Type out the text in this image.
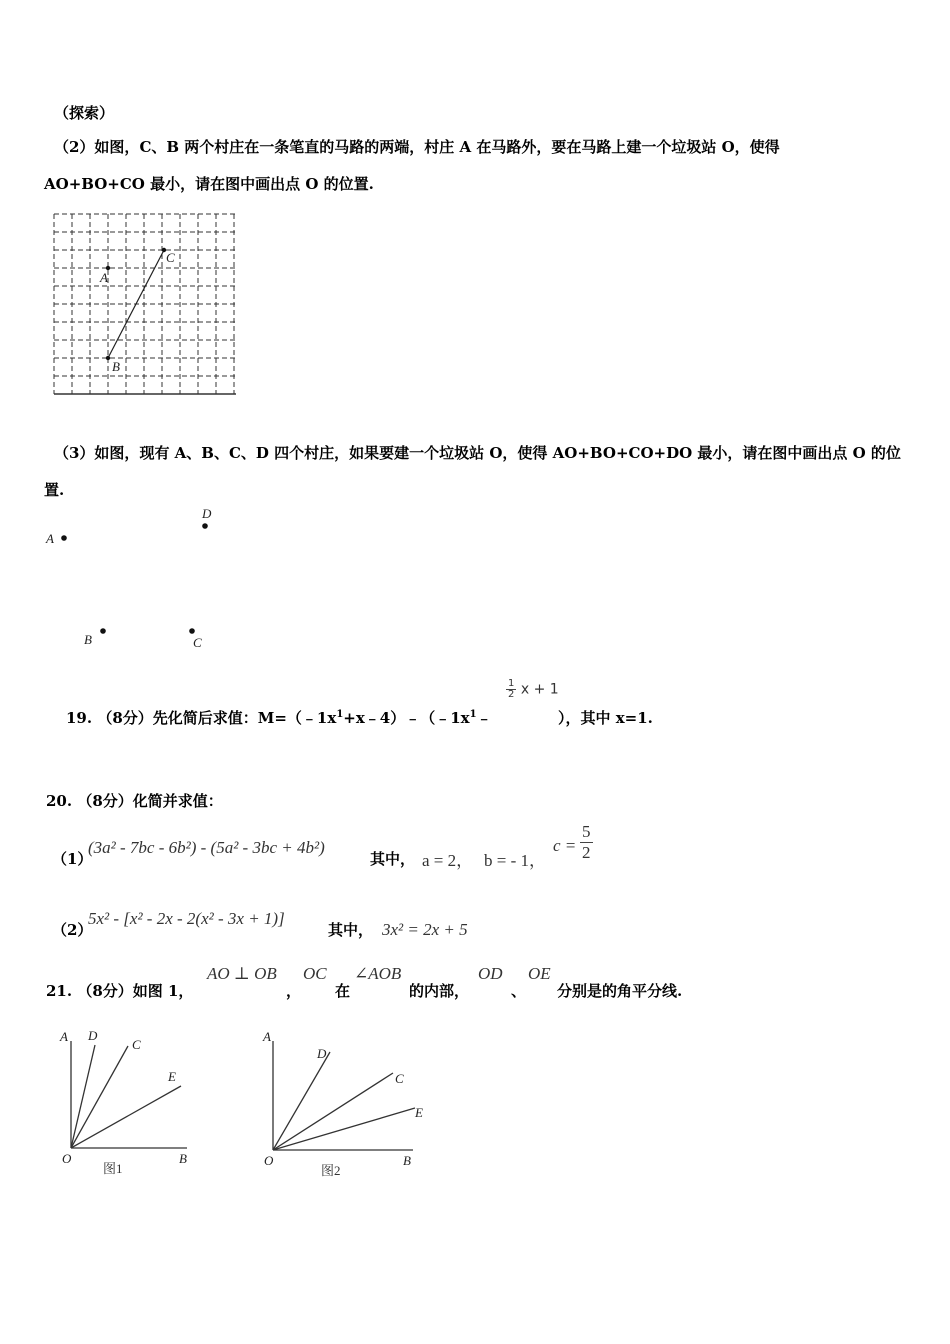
（探索）
（2）如图，C、B 两个村庄在一条笔直的马路的两端，村庄 A 在马路外，要在马路上建一个垃圾站 O，使得
AO+BO+CO 最小，请在图中画出点 O 的位置.
A
B
C
（3）如图，现有 A、B、C、D 四个村庄，如果要建一个垃圾站 O，使得 AO+BO+CO+DO 最小，请在图中画出点 O 的位
置.
A
D
B	C
19. （8分）先化简后求值：$M=(﹣1x^1+x﹣4)﹣(﹣1x^1﹣$
$\frac{1}{2}$ x + 1
），其中 x=1.
20. （8分）化简并求值：
（1）
(3a² - 7bc - 6b²) - (5a² - 3bc + 4b²)
其中， a = 2， b = - 1，
$c = \frac{5}{2}$
（2）
5x² - [x² - 2x - 2(x² - 3x + 1)]
其中， 3x² = 2x + 5
21. （8分）如图 1，
AO ⊥ OB
，
OC
在
∠AOB
的内部，
OD
、
OE
分别是的角平分线.
A D
C
E
O	B
图1
A
D
C
E
O	B
图2
